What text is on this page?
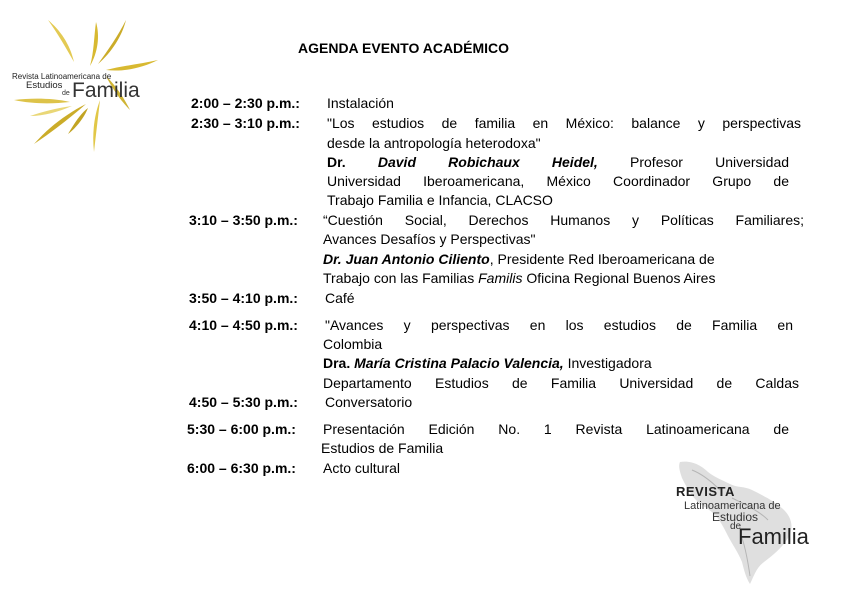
Revista Latinoamericana de
Estudios
de Familia
AGENDA EVENTO ACADÉMICO
2:00 – 2:30 p.m.: Instalación
2:30 – 3:10 p.m.: "Los estudios de familia en México: balance y perspectivas
desde la antropología heterodoxa"
Dr. David Robichaux Heidel, Profesor Universidad
Universidad Iberoamericana, México Coordinador Grupo de
Trabajo Familia e Infancia, CLACSO
3:10 – 3:50 p.m.: “Cuestión Social, Derechos Humanos y Políticas Familiares;
Avances Desafíos y Perspectivas"
Dr. Juan Antonio Ciliento, Presidente Red Iberoamericana de
Trabajo con las Familias Familis Oficina Regional Buenos Aires
3:50 – 4:10 p.m.: Café
4:10 – 4:50 p.m.: "Avances y perspectivas en los estudios de Familia en
Colombia
Dra. María Cristina Palacio Valencia, Investigadora
Departamento Estudios de Familia Universidad de Caldas
4:50 – 5:30 p.m.: Conversatorio
5:30 – 6:00 p.m.: Presentación Edición No. 1 Revista Latinoamericana de
Estudios de Familia
6:00 – 6:30 p.m.: Acto cultural
REVISTA
Latinoamericana de
Estudios
de
Familia
